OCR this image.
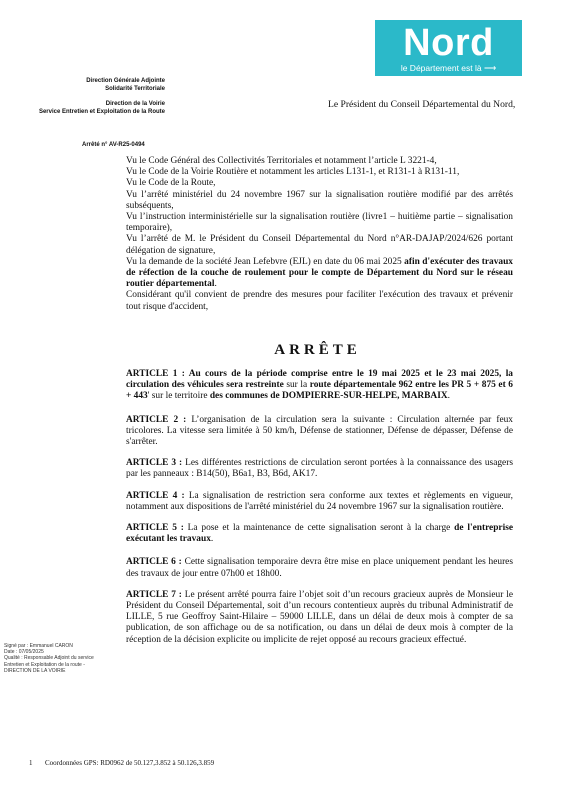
Nord
le Département est là ⟶

Direction Générale Adjointe

Solidarité Territoriale

Direction de la Voirie

Service Entretien et Exploitation de la Route

Le Président du Conseil Départemental du Nord,
Arrêté n° AV-R25-0494

Vu le Code Général des Collectivités Territoriales et notamment l’article L 3221-4,

Vu le Code de la Voirie Routière et notamment les articles L131-1, et R131-1 à R131-11,

Vu le Code de la Route,

Vu l’arrêté ministériel du 24 novembre 1967 sur la signalisation routière modifié par des arrêtés subséquents,

Vu l’instruction interministérielle sur la signalisation routière (livre1 – huitième partie – signalisation temporaire),

Vu l’arrêté de M. le Président du Conseil Départemental du Nord n°AR-DAJAP/2024/626 portant délégation de signature,

Vu la demande de la société Jean Lefebvre (EJL) en date du 06 mai 2025 afin d'exécuter des travaux de réfection de la couche de roulement pour le compte de Département du Nord sur le réseau routier départemental.

Considérant qu'il convient de prendre des mesures pour faciliter l'exécution des travaux et prévenir tout risque d'accident,

ARRÊTE

ARTICLE 1 : Au cours de la période comprise entre le 19 mai 2025 et le 23 mai 2025, la circulation des véhicules sera restreinte sur la route départementale 962 entre les PR 5 + 875 et 6 + 443' sur le territoire des communes de DOMPIERRE-SUR-HELPE, MARBAIX.

ARTICLE 2 : L’organisation de la circulation sera la suivante : Circulation alternée par feux tricolores. La vitesse sera limitée à 50 km/h, Défense de stationner, Défense de dépasser, Défense de s'arrêter.

ARTICLE 3 : Les différentes restrictions de circulation seront portées à la connaissance des usagers par les panneaux : B14(50), B6a1, B3, B6d, AK17.

ARTICLE 4 : La signalisation de restriction sera conforme aux textes et règlements en vigueur, notamment aux dispositions de l'arrêté ministériel du 24 novembre 1967 sur la signalisation routière.

ARTICLE 5 : La pose et la maintenance de cette signalisation seront à la charge de l'entreprise exécutant les travaux.

ARTICLE 6 : Cette signalisation temporaire devra être mise en place uniquement pendant les heures des travaux de jour entre 07h00 et 18h00.

ARTICLE 7 : Le présent arrêté pourra faire l’objet soit d’un recours gracieux auprès de Monsieur le Président du Conseil Départemental, soit d’un recours contentieux auprès du tribunal Administratif de LILLE, 5 rue Geoffroy Saint-Hilaire – 59000 LILLE, dans un délai de deux mois à compter de sa publication, de son affichage ou de sa notification, ou dans un délai de deux mois à compter de la réception de la décision explicite ou implicite de rejet opposé au recours gracieux effectué.

Signé par : Emmanuel CARON

Date : 07/05/2025

Qualité : Responsable Adjoint du service Entretien et Exploitation de la route - DIRECTION DE LA VOIRIE

1 Coordonnées GPS: RD0962 de 50.127,3.852 à 50.126,3.859
